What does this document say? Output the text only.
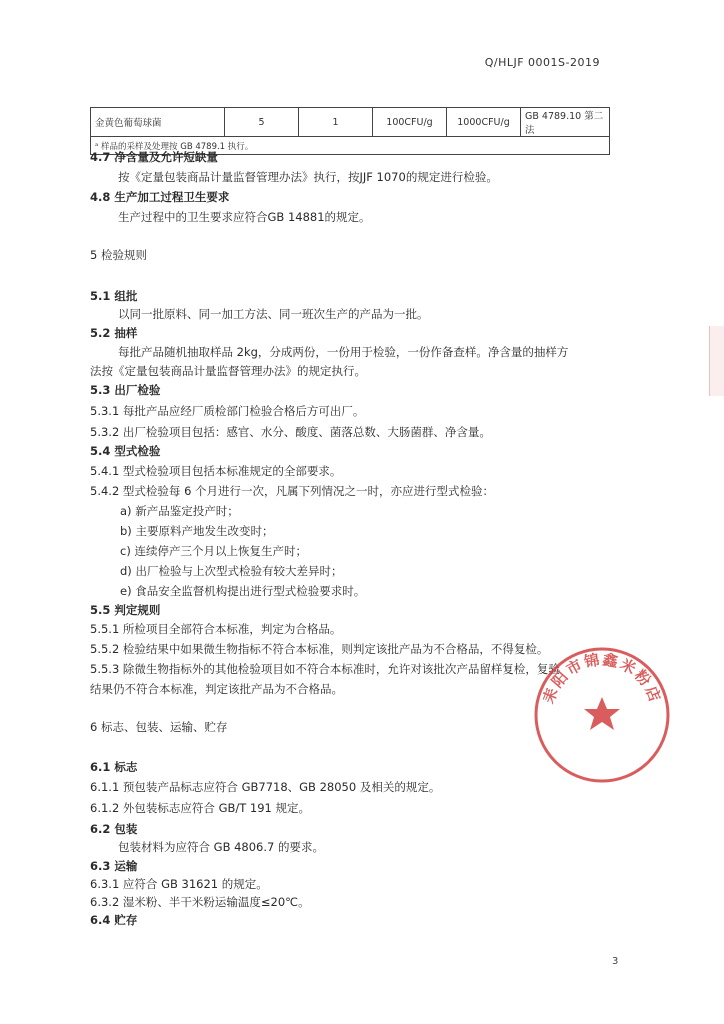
Q/HLJF 0001S-2019
金黄色葡萄球菌	5	1	100CFU/g	1000CFU/g	GB 4789.10 第二法
ᵃ 样品的采样及处理按 GB 4789.1 执行。
4.7 净含量及允许短缺量
按《定量包装商品计量监督管理办法》执行，按JJF 1070的规定进行检验。
4.8 生产加工过程卫生要求
生产过程中的卫生要求应符合GB 14881的规定。
5 检验规则
5.1 组批
以同一批原料、同一加工方法、同一班次生产的产品为一批。
5.2 抽样
每批产品随机抽取样品 2kg，分成两份，一份用于检验，一份作备查样。净含量的抽样方
法按《定量包装商品计量监督管理办法》的规定执行。
5.3 出厂检验
5.3.1 每批产品应经厂质检部门检验合格后方可出厂。
5.3.2 出厂检验项目包括：感官、水分、酸度、菌落总数、大肠菌群、净含量。
5.4 型式检验
5.4.1 型式检验项目包括本标准规定的全部要求。
5.4.2 型式检验每 6 个月进行一次，凡属下列情况之一时，亦应进行型式检验：
a) 新产品鉴定投产时；
b) 主要原料产地发生改变时；
c) 连续停产三个月以上恢复生产时；
d) 出厂检验与上次型式检验有较大差异时；
e) 食品安全监督机构提出进行型式检验要求时。
5.5 判定规则
5.5.1 所检项目全部符合本标准，判定为合格品。
5.5.2 检验结果中如果微生物指标不符合本标准，则判定该批产品为不合格品，不得复检。
5.5.3 除微生物指标外的其他检验项目如不符合本标准时，允许对该批次产品留样复检，复验
结果仍不符合本标准，判定该批产品为不合格品。
6 标志、包装、运输、贮存
6.1 标志
6.1.1 预包装产品标志应符合 GB7718、GB 28050 及相关的规定。
6.1.2 外包装标志应符合 GB/T 191 规定。
6.2 包装
包装材料为应符合 GB 4806.7 的要求。
6.3 运输
6.3.1 应符合 GB 31621 的规定。
6.3.2 湿米粉、半干米粉运输温度≤20℃。
6.4 贮存
耒阳市锦鑫米粉店
3
